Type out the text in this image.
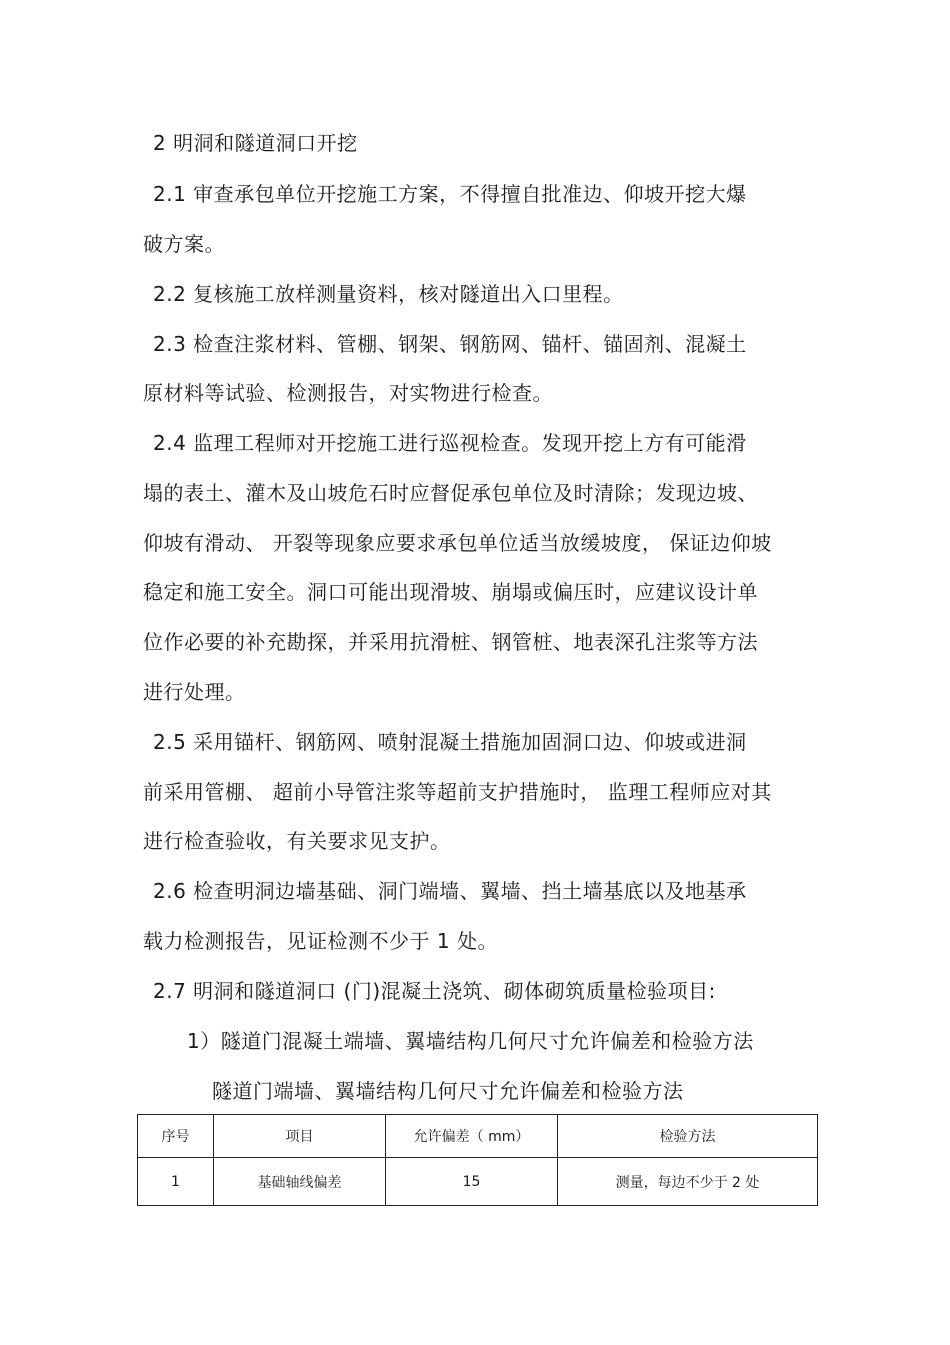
2 明洞和隧道洞口开挖
2.1 审查承包单位开挖施工方案，不得擅自批准边、仰坡开挖大爆
破方案。
2.2 复核施工放样测量资料，核对隧道出入口里程。
2.3 检查注浆材料、管棚、钢架、钢筋网、锚杆、锚固剂、混凝土
原材料等试验、检测报告，对实物进行检查。
2.4 监理工程师对开挖施工进行巡视检查。发现开挖上方有可能滑
塌的表土、灌木及山坡危石时应督促承包单位及时清除；发现边坡、
仰坡有滑动、 开裂等现象应要求承包单位适当放缓坡度， 保证边仰坡
稳定和施工安全。洞口可能出现滑坡、崩塌或偏压时，应建议设计单
位作必要的补充勘探，并采用抗滑桩、钢管桩、地表深孔注浆等方法
进行处理。
2.5 采用锚杆、钢筋网、喷射混凝土措施加固洞口边、仰坡或进洞
前采用管棚、 超前小导管注浆等超前支护措施时， 监理工程师应对其
进行检查验收，有关要求见支护。
2.6 检查明洞边墙基础、洞门端墙、翼墙、挡土墙基底以及地基承
载力检测报告，见证检测不少于 1 处。
2.7 明洞和隧道洞口 (门)混凝土浇筑、砌体砌筑质量检验项目:
1）隧道门混凝土端墙、翼墙结构几何尺寸允许偏差和检验方法
隧道门端墙、翼墙结构几何尺寸允许偏差和检验方法
序号	项目	允许偏差（ mm）	检验方法
1	基础轴线偏差	15	测量，每边不少于 2 处
